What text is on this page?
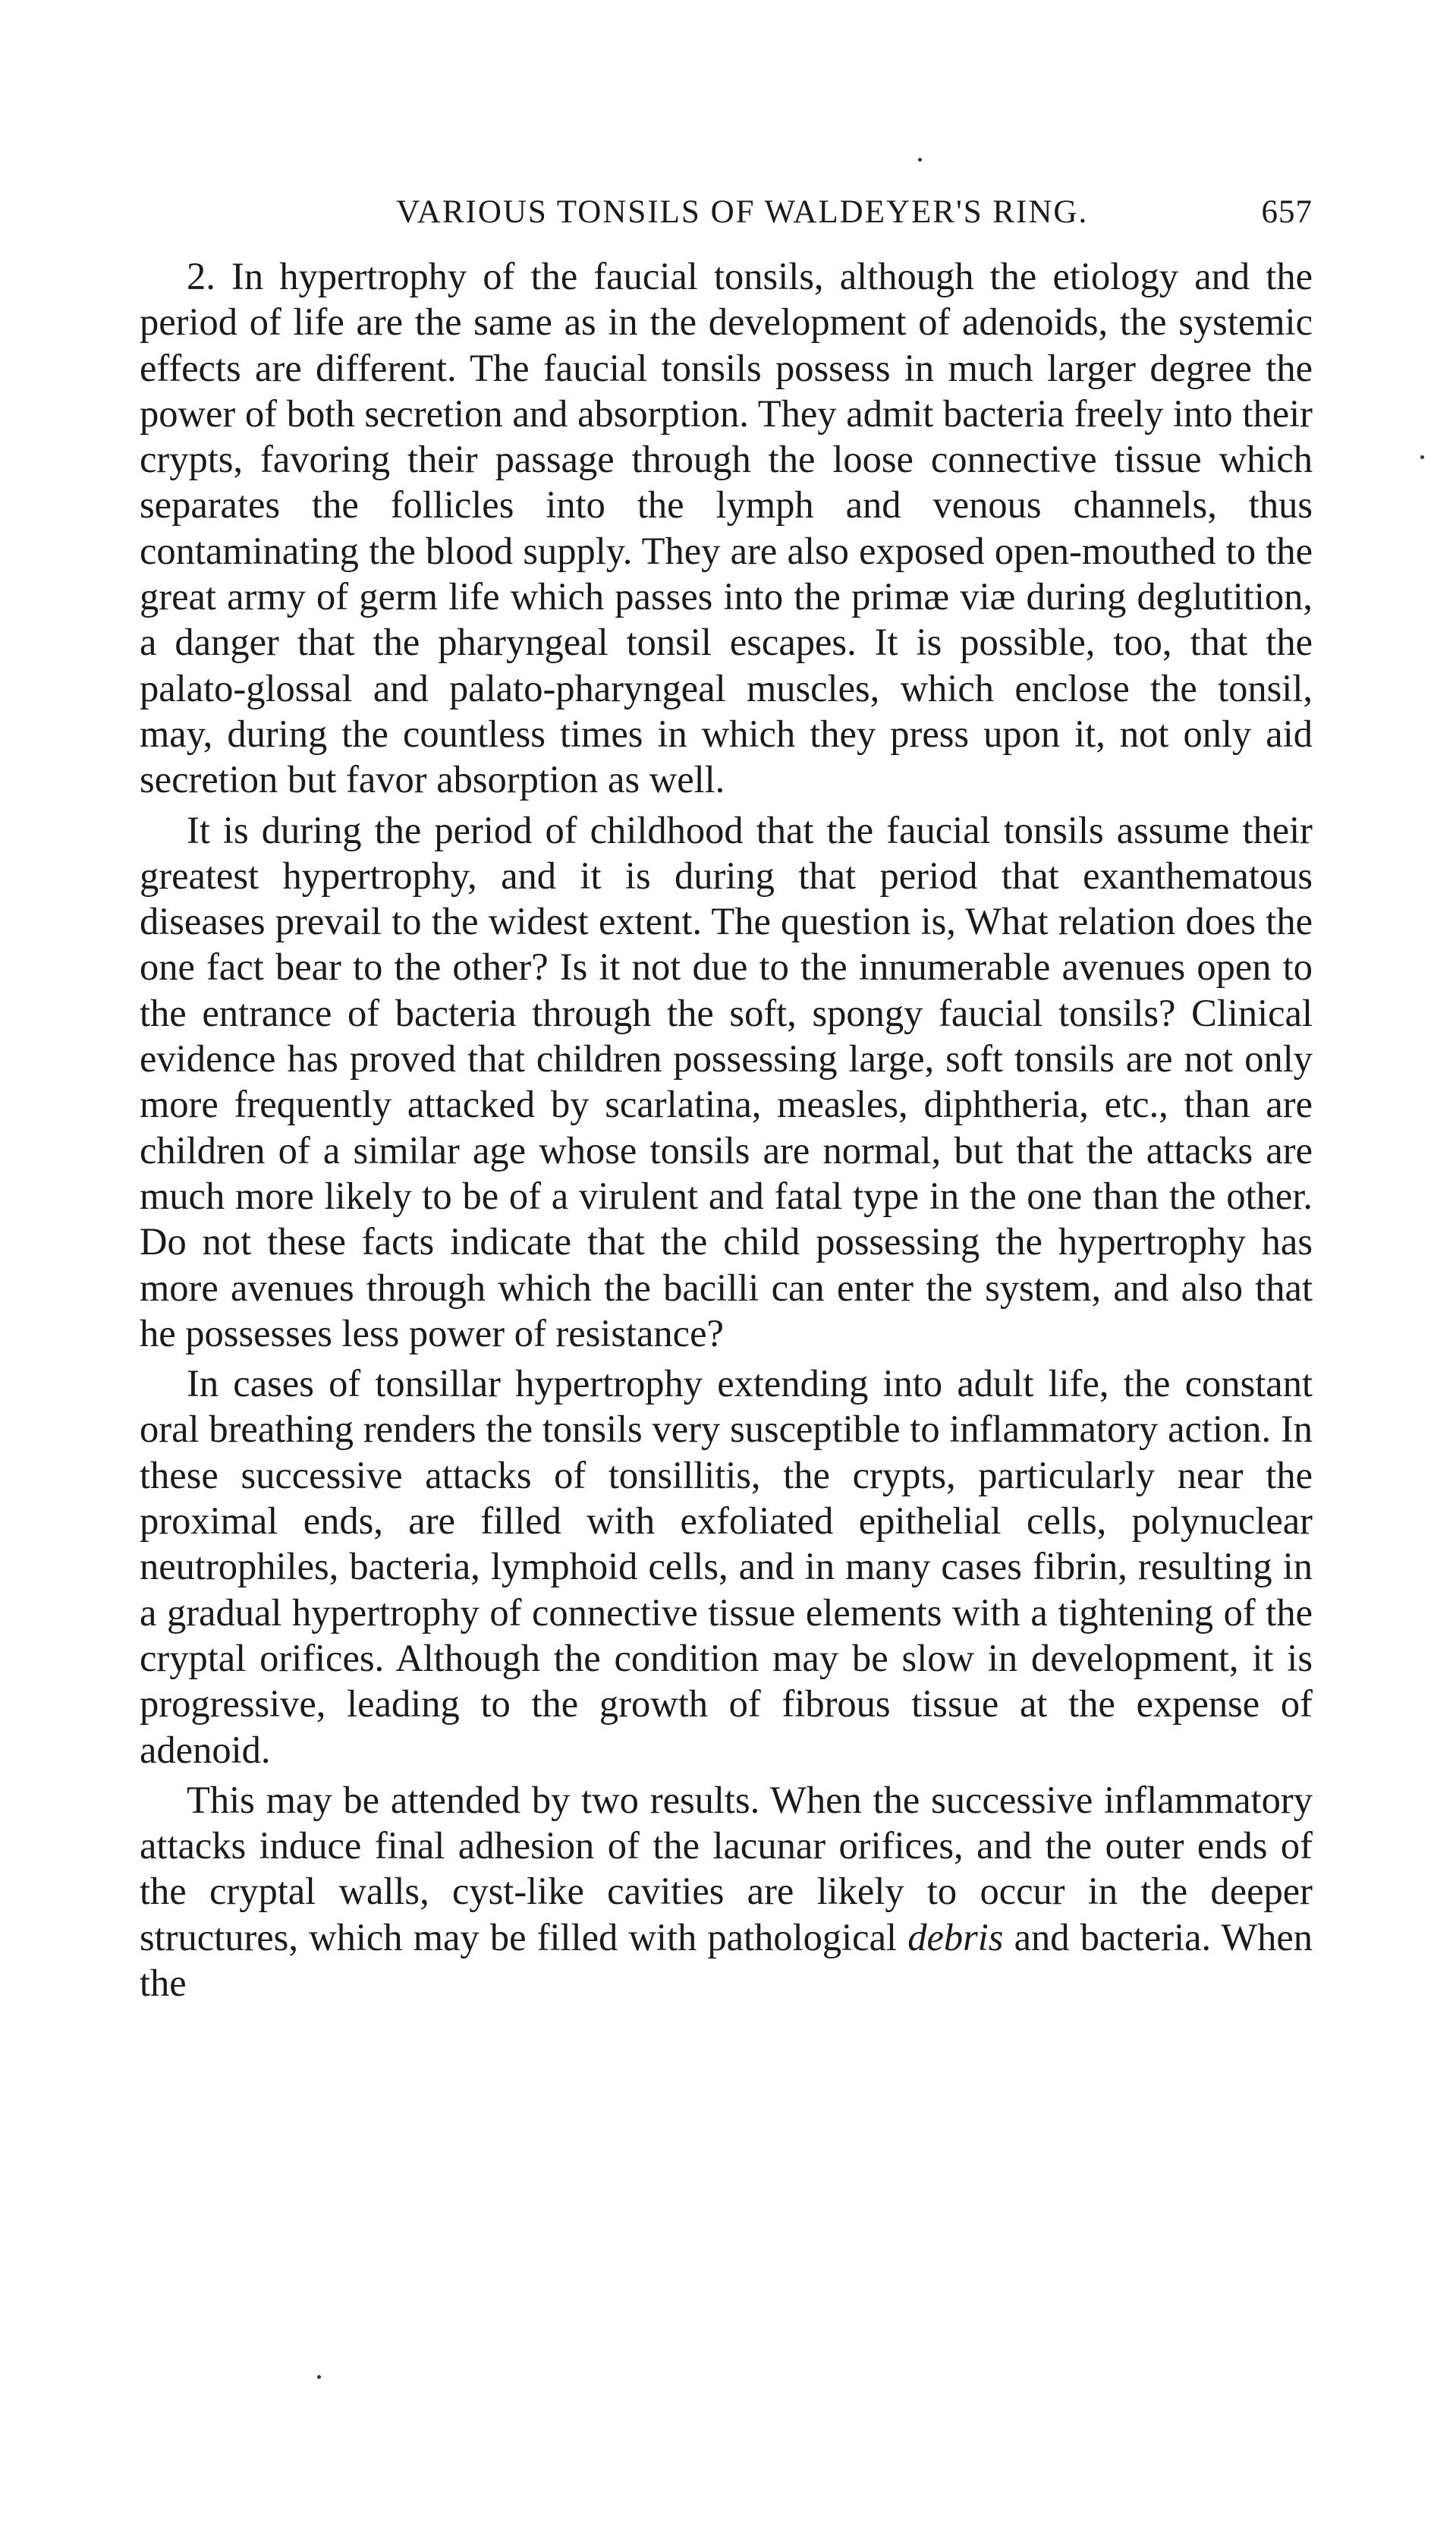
VARIOUS TONSILS OF WALDEYER'S RING.	657

2. In hypertrophy of the faucial tonsils, although the etiology and the period of life are the same as in the development of adenoids, the systemic effects are different. The faucial tonsils possess in much larger degree the power of both secretion and absorption. They admit bacteria freely into their crypts, favoring their passage through the loose connective tissue which separates the follicles into the lymph and venous channels, thus contaminating the blood supply. They are also exposed open-mouthed to the great army of germ life which passes into the primæ viæ during deglutition, a danger that the pharyngeal tonsil escapes. It is possible, too, that the palato-glossal and palato-pharyngeal muscles, which enclose the tonsil, may, during the countless times in which they press upon it, not only aid secretion but favor absorption as well.

It is during the period of childhood that the faucial tonsils assume their greatest hypertrophy, and it is during that period that exanthematous diseases prevail to the widest extent. The question is, What relation does the one fact bear to the other? Is it not due to the innumerable avenues open to the entrance of bacteria through the soft, spongy faucial tonsils? Clinical evidence has proved that children possessing large, soft tonsils are not only more frequently attacked by scarlatina, measles, diphtheria, etc., than are children of a similar age whose tonsils are normal, but that the attacks are much more likely to be of a virulent and fatal type in the one than the other. Do not these facts indicate that the child possessing the hypertrophy has more avenues through which the bacilli can enter the system, and also that he possesses less power of resistance?

In cases of tonsillar hypertrophy extending into adult life, the constant oral breathing renders the tonsils very susceptible to inflammatory action. In these successive attacks of tonsillitis, the crypts, particularly near the proximal ends, are filled with exfoliated epithelial cells, polynuclear neutrophiles, bacteria, lymphoid cells, and in many cases fibrin, resulting in a gradual hypertrophy of connective tissue elements with a tightening of the cryptal orifices. Although the condition may be slow in development, it is progressive, leading to the growth of fibrous tissue at the expense of adenoid.

This may be attended by two results. When the successive inflammatory attacks induce final adhesion of the lacunar orifices, and the outer ends of the cryptal walls, cyst-like cavities are likely to occur in the deeper structures, which may be filled with pathological debris and bacteria. When the
